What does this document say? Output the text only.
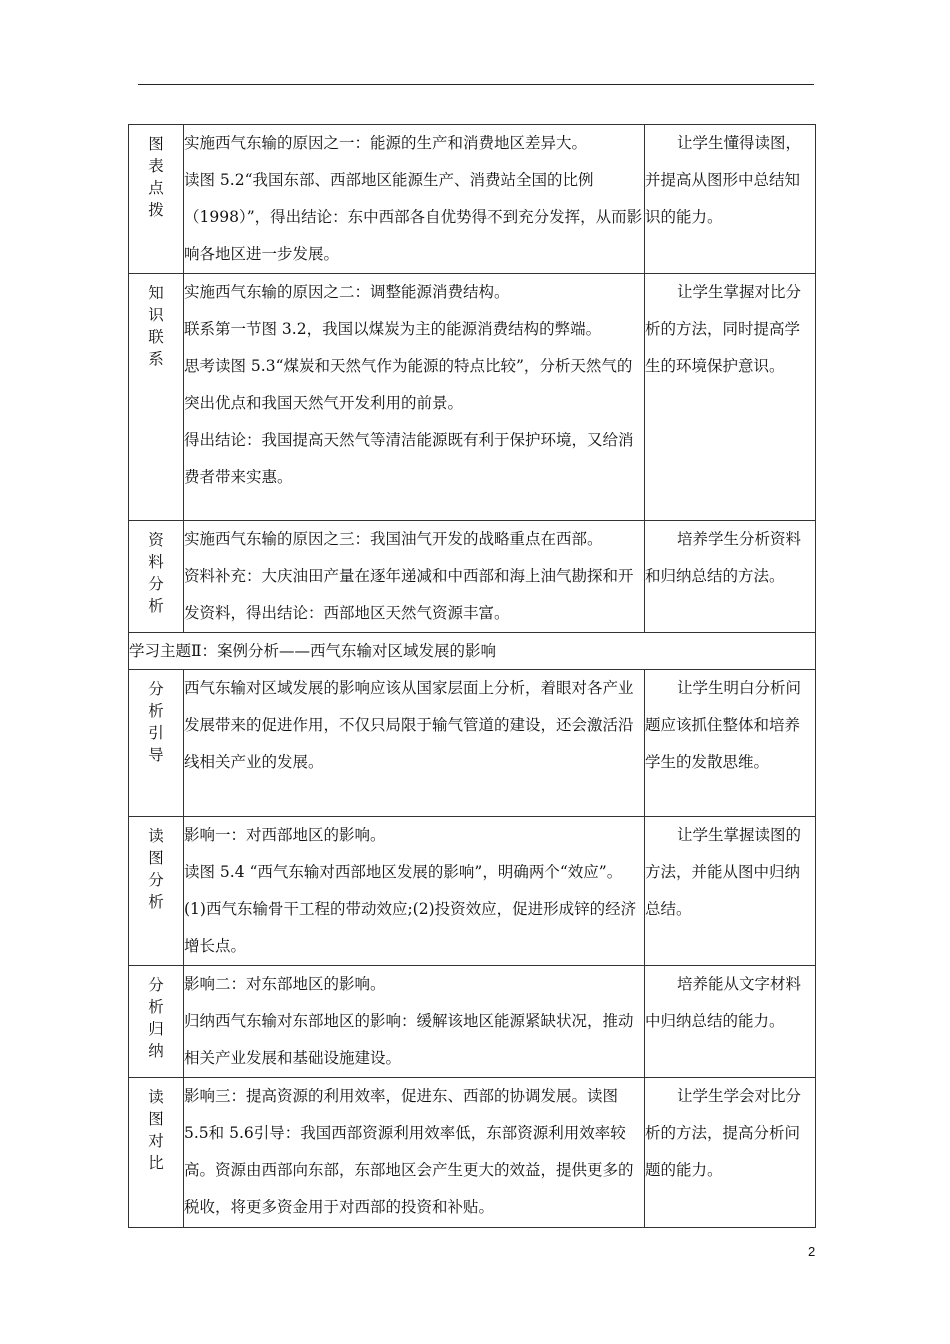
图表点拨	实施西气东输的原因之一：能源的生产和消费地区差异大。
读图 5.2“我国东部、西部地区能源生产、消费站全国的比例（1998）”，得出结论：东中西部各自优势得不到充分发挥，从而影响各地区进一步发展。	让学生懂得读图，并提高从图形中总结知识的能力。

知识联系	实施西气东输的原因之二：调整能源消费结构。
联系第一节图 3.2，我国以煤炭为主的能源消费结构的弊端。
思考读图 5.3“煤炭和天然气作为能源的特点比较”，分析天然气的突出优点和我国天然气开发利用的前景。
得出结论：我国提高天然气等清洁能源既有利于保护环境，又给消费者带来实惠。	让学生掌握对比分析的方法，同时提高学生的环境保护意识。

资料分析	实施西气东输的原因之三：我国油气开发的战略重点在西部。
资料补充：大庆油田产量在逐年递减和中西部和海上油气勘探和开发资料，得出结论：西部地区天然气资源丰富。	培养学生分析资料和归纳总结的方法。

学习主题Ⅱ：案例分析——西气东输对区域发展的影响		
分析引导	西气东输对区域发展的影响应该从国家层面上分析，着眼对各产业发展带来的促进作用，不仅只局限于输气管道的建设，还会激活沿线相关产业的发展。	让学生明白分析问题应该抓住整体和培养学生的发散思维。

读图分析	影响一：对西部地区的影响。
读图 5.4 “西气东输对西部地区发展的影响”，明确两个“效应”。(1)西气东输骨干工程的带动效应;(2)投资效应，促进形成锌的经济增长点。	让学生掌握读图的方法，并能从图中归纳总结。

分析归纳	影响二：对东部地区的影响。
归纳西气东输对东部地区的影响：缓解该地区能源紧缺状况，推动相关产业发展和基础设施建设。	培养能从文字材料中归纳总结的能力。

读图对比	影响三：提高资源的利用效率，促进东、西部的协调发展。读图 5.5和 5.6引导：我国西部资源利用效率低，东部资源利用效率较高。资源由西部向东部，东部地区会产生更大的效益，提供更多的税收，将更多资金用于对西部的投资和补贴。	让学生学会对比分析的方法，提高分析问题的能力。
2
